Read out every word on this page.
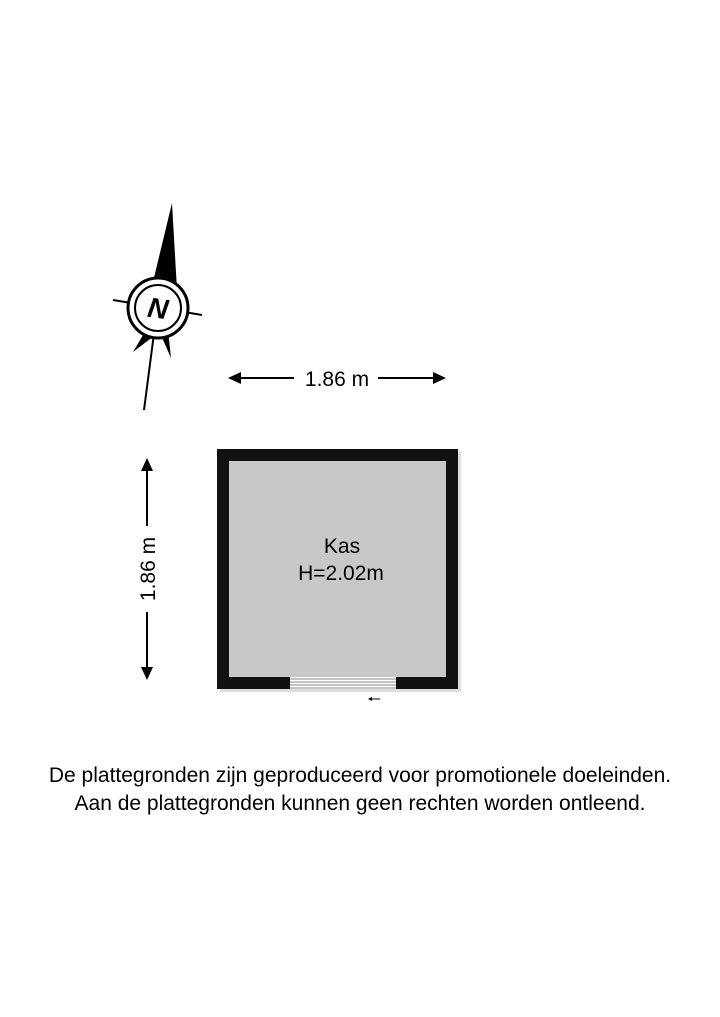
N
1.86 m
1.86 m	Kas
H=2.02m
De plattegronden zijn geproduceerd voor promotionele doeleinden.
Aan de plattegronden kunnen geen rechten worden ontleend.
